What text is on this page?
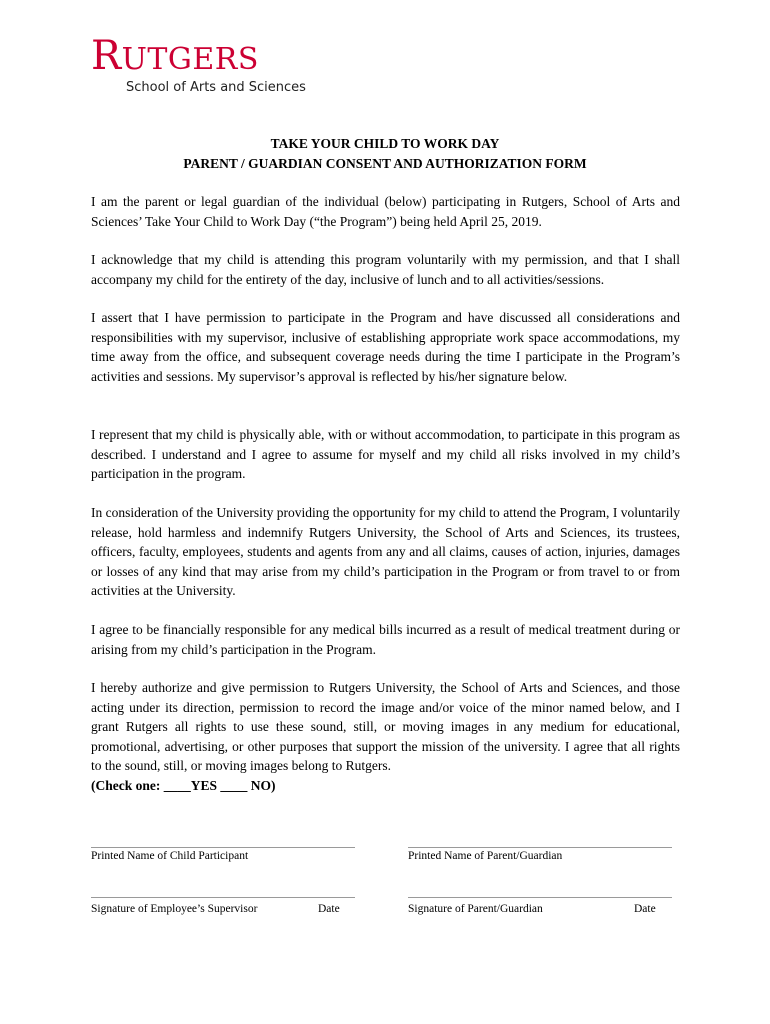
RUTGERS
School of Arts and Sciences
TAKE YOUR CHILD TO WORK DAY
PARENT / GUARDIAN CONSENT AND AUTHORIZATION FORM

I am the parent or legal guardian of the individual (below) participating in Rutgers, School of Arts and Sciences’ Take Your Child to Work Day (“the Program”) being held April 25, 2019.

I acknowledge that my child is attending this program voluntarily with my permission, and that I shall accompany my child for the entirety of the day, inclusive of lunch and to all activities/sessions.

I assert that I have permission to participate in the Program and have discussed all considerations and responsibilities with my supervisor, inclusive of establishing appropriate work space accommodations, my time away from the office, and subsequent coverage needs during the time I participate in the Program’s activities and sessions. My supervisor’s approval is reflected by his/her signature below.

I represent that my child is physically able, with or without accommodation, to participate in this program as described. I understand and I agree to assume for myself and my child all risks involved in my child’s participation in the program.

In consideration of the University providing the opportunity for my child to attend the Program, I voluntarily release, hold harmless and indemnify Rutgers University, the School of Arts and Sciences, its trustees, officers, faculty, employees, students and agents from any and all claims, causes of action, injuries, damages or losses of any kind that may arise from my child’s participation in the Program or from travel to or from activities at the University.

I agree to be financially responsible for any medical bills incurred as a result of medical treatment during or arising from my child’s participation in the Program.

I hereby authorize and give permission to Rutgers University, the School of Arts and Sciences, and those acting under its direction, permission to record the image and/or voice of the minor named below, and I grant Rutgers all rights to use these sound, still, or moving images in any medium for educational, promotional, advertising, or other purposes that support the mission of the university. I agree that all rights to the sound, still, or moving images belong to Rutgers.
(Check one: ____YES ____ NO)
Printed Name of Child Participant	Printed Name of Parent/Guardian
Signature of Employee’s Supervisor	Date	Signature of Parent/Guardian	Date
